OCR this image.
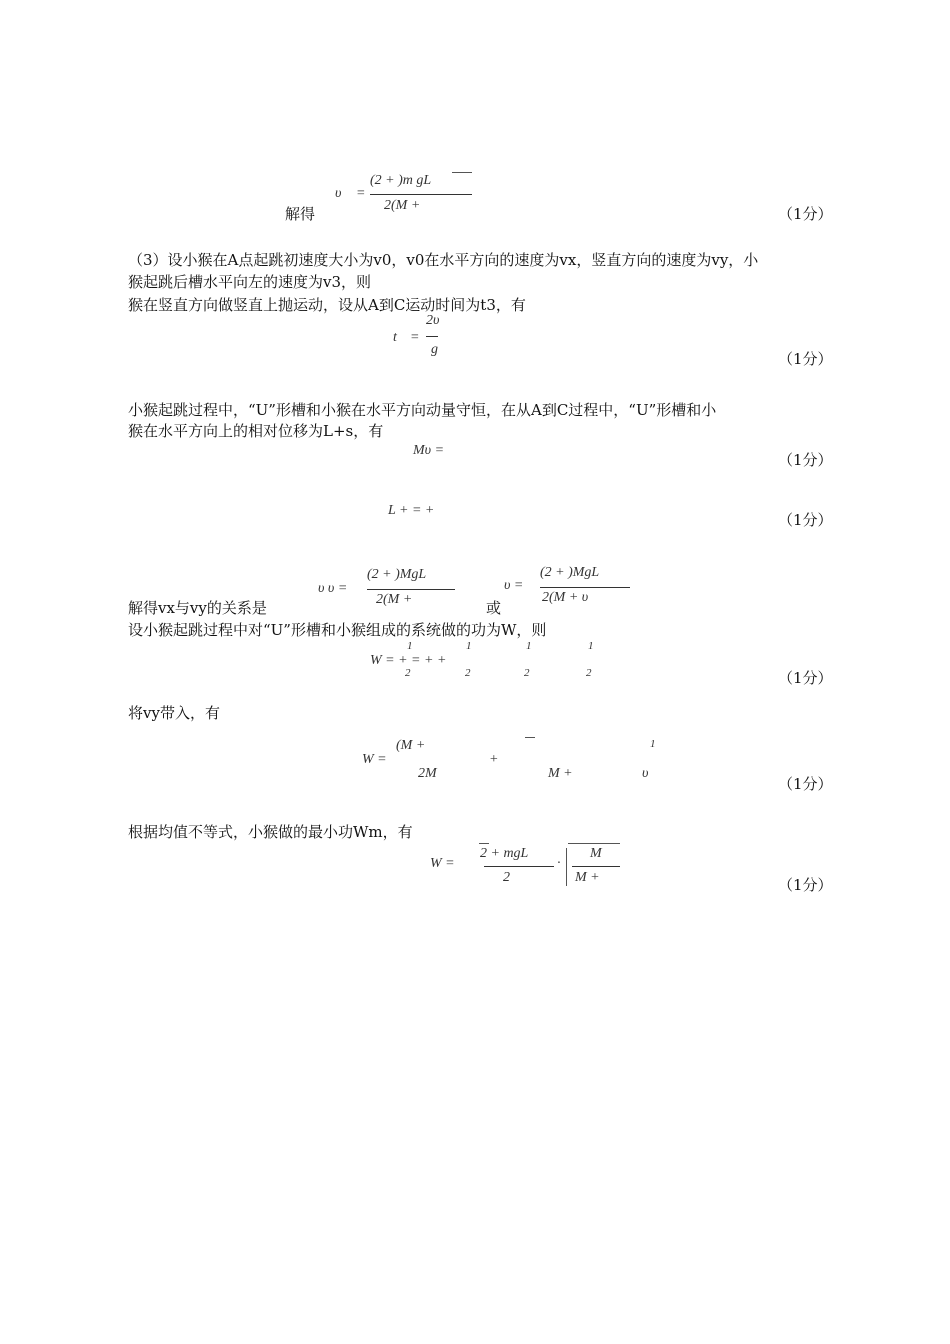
解得
υ =
(2 + )m gL
2(M +	（1分）
（3）设小猴在A点起跳初速度大小为v0，v0在水平方向的速度为vx，竖直方向的速度为vy，小
猴起跳后槽水平向左的速度为v3，则
猴在竖直方向做竖直上抛运动，设从A到C运动时间为t3，有
t =
2υ
g
（1分）
小猴起跳过程中，“U”形槽和小猴在水平方向动量守恒，在从A到C过程中，“U”形槽和小
猴在水平方向上的相对位移为L+s，有
Mυ =
（1分）
L + = +
（1分）
解得vx与vy的关系是
υ υ =
(2 + )MgL
2(M +	或
υ =
(2 + )MgL
2(M + υ
设小猴起跳过程中对“U”形槽和小猴组成的系统做的功为W，则
W = + = + +
1
2
1
2
1
2
1
2	（1分）
将vy带入，有
W =
(M +
2M
+
M +
1
υ
（1分）
根据均值不等式，小猴做的最小功Wm，有
W =
2 + mgL
2
·
M
M +	（1分）
